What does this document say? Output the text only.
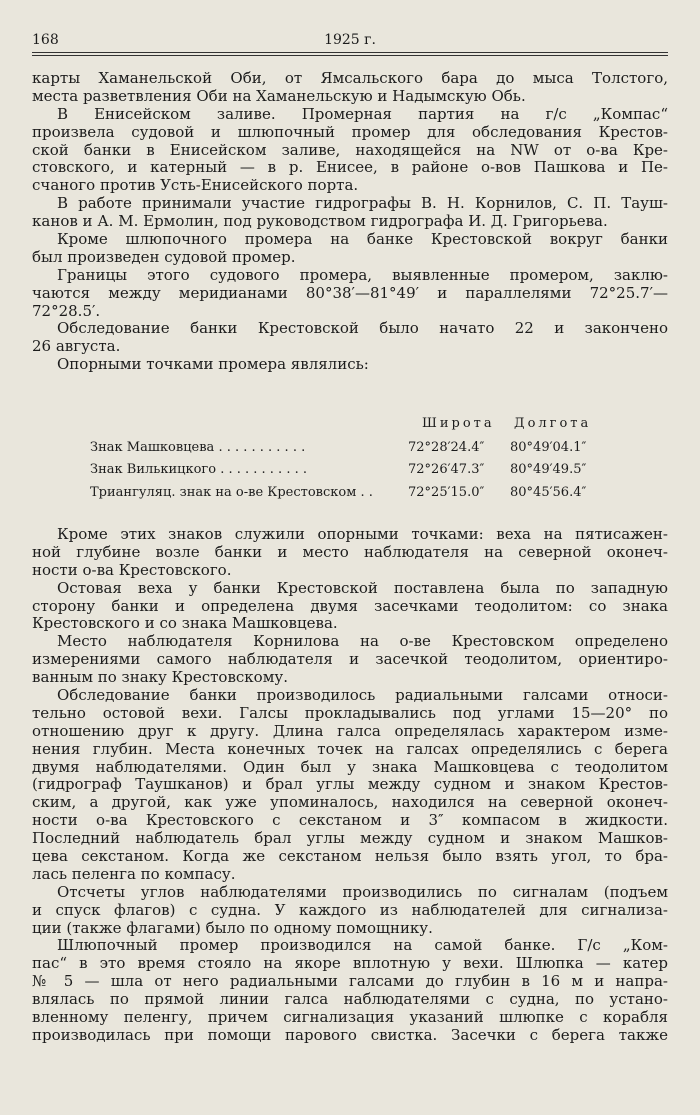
168	1925 г.
карты Хаманельской Оби, от Ямсальского бара до мыса Толстого,
места разветвления Оби на Хаманельскую и Надымскую Обь.
В Енисейском заливе. Промерная партия на г/с „Компас“
произвела судовой и шлюпочный промер для обследования Крестов-
ской банки в Енисейском заливе, находящейся на NW от о-ва Кре-
стовского, и катерный — в р. Енисее, в районе о-вов Пашкова и Пе-
счаного против Усть-Енисейского порта.
В работе принимали участие гидрографы В. Н. Корнилов, С. П. Тауш-
канов и А. М. Ермолин, под руководством гидрографа И. Д. Григорьева.
Кроме шлюпочного промера на банке Крестовской вокруг банки
был произведен судовой промер.
Границы этого судового промера, выявленные промером, заклю-
чаются между меридианами 80°38′—81°49′ и параллелями 72°25.7′—
72°28.5′.
Обследование банки Крестовской было начато 22 и закончено
26 августа.
Опорными точками промера являлись:
Широта Долгота
Знак Машковцева . . . . . . . . . . .	72°28′24.4″ 80°49′04.1″
Знак Вилькицкого . . . . . . . . . . .	72°26′47.3″ 80°49′49.5″
Триангуляц. знак на о-ве Крестовском . .	72°25′15.0″ 80°45′56.4″
Кроме этих знаков служили опорными точками: веха на пятисажен-
ной глубине возле банки и место наблюдателя на северной оконеч-
ности о-ва Крестовского.
Остовая веха у банки Крестовской поставлена была по западную
сторону банки и определена двумя засечками теодолитом: со знака
Крестовского и со знака Машковцева.
Место наблюдателя Корнилова на о-ве Крестовском определено
измерениями самого наблюдателя и засечкой теодолитом, ориентиро-
ванным по знаку Крестовскому.
Обследование банки производилось радиальными галсами относи-
тельно остовой вехи. Галсы прокладывались под углами 15—20° по
отношению друг к другу. Длина галса определялась характером изме-
нения глубин. Места конечных точек на галсах определялись с берега
двумя наблюдателями. Один был у знака Машковцева с теодолитом
(гидрограф Таушканов) и брал углы между судном и знаком Крестов-
ским, а другой, как уже упоминалось, находился на северной оконеч-
ности о-ва Крестовского с секстаном и 3″ компасом в жидкости.
Последний наблюдатель брал углы между судном и знаком Машков-
цева секстаном. Когда же секстаном нельзя было взять угол, то бра-
лась пеленга по компасу.
Отсчеты углов наблюдателями производились по сигналам (подъем
и спуск флагов) с судна. У каждого из наблюдателей для сигнализа-
ции (также флагами) было по одному помощнику.
Шлюпочный промер производился на самой банке. Г/с „Ком-
пас“ в это время стояло на якоре вплотную у вехи. Шлюпка — катер
№ 5 — шла от него радиальными галсами до глубин в 16 м и напра-
влялась по прямой линии галса наблюдателями с судна, по устано-
вленному пеленгу, причем сигнализация указаний шлюпке с корабля
производилась при помощи парового свистка. Засечки с берега также
